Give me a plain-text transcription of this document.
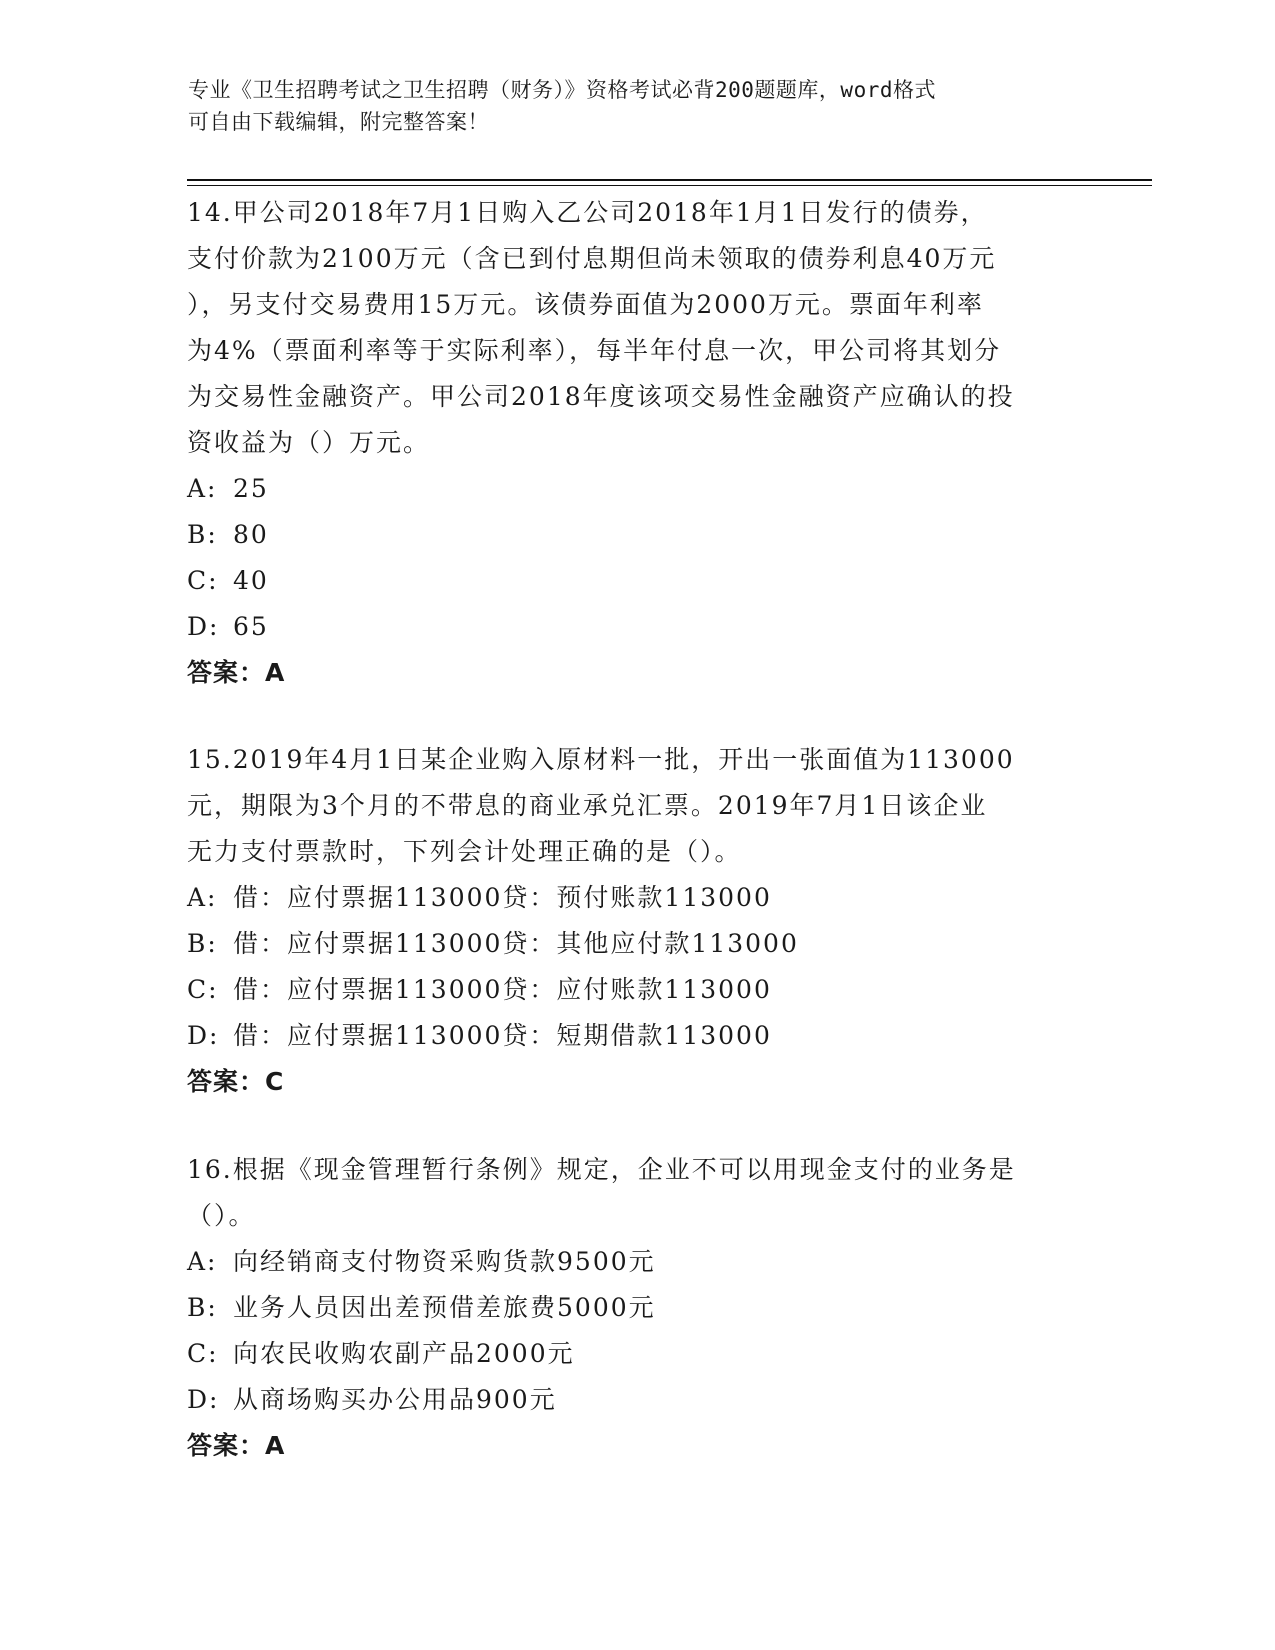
专业《卫生招聘考试之卫生招聘（财务）》资格考试必背200题题库，word格式
可自由下载编辑，附完整答案！

14.甲公司2018年7月1日购入乙公司2018年1月1日发行的债券，

支付价款为2100万元（含已到付息期但尚未领取的债券利息40万元

），另支付交易费用15万元。该债券面值为2000万元。票面年利率

为4%（票面利率等于实际利率），每半年付息一次，甲公司将其划分

为交易性金融资产。甲公司2018年度该项交易性金融资产应确认的投

资收益为（）万元。

A: 25

B: 80

C: 40

D: 65

答案：A

15.2019年4月1日某企业购入原材料一批，开出一张面值为113000

元，期限为3个月的不带息的商业承兑汇票。2019年7月1日该企业

无力支付票款时，下列会计处理正确的是（）。

A: 借：应付票据113000贷：预付账款113000

B: 借：应付票据113000贷：其他应付款113000

C: 借：应付票据113000贷：应付账款113000

D: 借：应付票据113000贷：短期借款113000

答案：C

16.根据《现金管理暂行条例》规定，企业不可以用现金支付的业务是

（）。

A: 向经销商支付物资采购货款9500元

B: 业务人员因出差预借差旅费5000元

C: 向农民收购农副产品2000元

D: 从商场购买办公用品900元

答案：A
